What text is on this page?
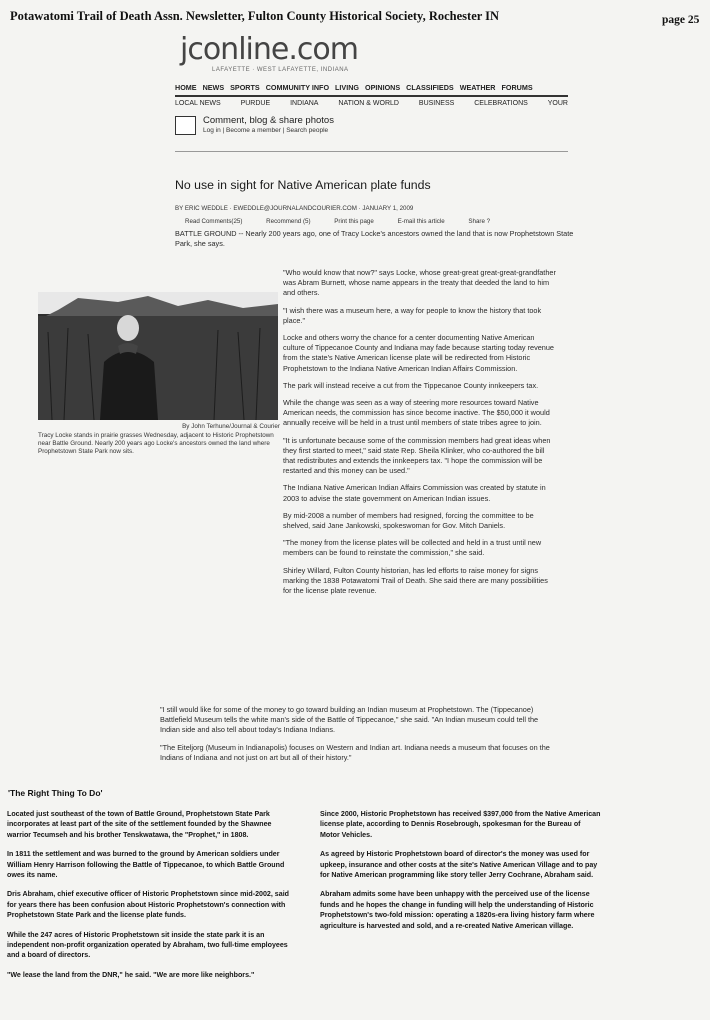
Potawatomi Trail of Death Assn. Newsletter, Fulton County Historical Society, Rochester IN	page 25
jconline.com
LAFAYETTE · WEST LAFAYETTE, INDIANA
HOME NEWS SPORTS COMMUNITY INFO LIVING OPINIONS CLASSIFIEDS WEATHER FORUMS
LOCAL NEWS	PURDUE	INDIANA	NATION & WORLD	BUSINESS	CELEBRATIONS	YOUR
Comment, blog & share photos
Log in | Become a member | Search people
No use in sight for Native American plate funds
BY ERIC WEDDLE · EWEDDLE@JOURNALANDCOURIER.COM · JANUARY 1, 2009
Read Comments(25)	Recommend (5)	Print this page	E-mail this article	Share ?
BATTLE GROUND -- Nearly 200 years ago, one of Tracy Locke's ancestors owned the land that is now Prophetstown State Park, she says.
By John Terhune/Journal & Courier
Tracy Locke stands in prairie grasses Wednesday, adjacent to Historic Prophetstown near Battle Ground. Nearly 200 years ago Locke's ancestors owned the land where Prophetstown State Park now sits.

"Who would know that now?" says Locke, whose great-great great-great-grandfather was Abram Burnett, whose name appears in the treaty that deeded the land to him and others.

"I wish there was a museum here, a way for people to know the history that took place."

Locke and others worry the chance for a center documenting Native American culture of Tippecanoe County and Indiana may fade because starting today revenue from the state's Native American license plate will be redirected from Historic Prophetstown to the Indiana Native American Indian Affairs Commission.

The park will instead receive a cut from the Tippecanoe County innkeepers tax.

While the change was seen as a way of steering more resources toward Native American needs, the commission has since become inactive. The $50,000 it would annually receive will be held in a trust until members of state tribes agree to join.

"It is unfortunate because some of the commission members had great ideas when they first started to meet," said state Rep. Sheila Klinker, who co-authored the bill that redistributes and extends the innkeepers tax. "I hope the commission will be restarted and this money can be used."

The Indiana Native American Indian Affairs Commission was created by statute in 2003 to advise the state government on American Indian issues.

By mid-2008 a number of members had resigned, forcing the committee to be shelved, said Jane Jankowski, spokeswoman for Gov. Mitch Daniels.

"The money from the license plates will be collected and held in a trust until new members can be found to reinstate the commission," she said.

Shirley Willard, Fulton County historian, has led efforts to raise money for signs marking the 1838 Potawatomi Trail of Death. She said there are many possibilities for the license plate revenue.

"I still would like for some of the money to go toward building an Indian museum at Prophetstown. The (Tippecanoe) Battlefield Museum tells the white man's side of the Battle of Tippecanoe," she said. "An Indian museum could tell the Indian side and also tell about today's Indiana Indians.

"The Eiteljorg (Museum in Indianapolis) focuses on Western and Indian art. Indiana needs a museum that focuses on the Indians of Indiana and not just on art but all of their history."

'The Right Thing To Do'

Located just southeast of the town of Battle Ground, Prophetstown State Park incorporates at least part of the site of the settlement founded by the Shawnee warrior Tecumseh and his brother Tenskwatawa, the "Prophet," in 1808.

In 1811 the settlement and was burned to the ground by American soldiers under William Henry Harrison following the Battle of Tippecanoe, to which Battle Ground owes its name.

Dris Abraham, chief executive officer of Historic Prophetstown since mid-2002, said for years there has been confusion about Historic Prophetstown's connection with Prophetstown State Park and the license plate funds.

While the 247 acres of Historic Prophetstown sit inside the state park it is an independent non-profit organization operated by Abraham, two full-time employees and a board of directors.

"We lease the land from the DNR," he said. "We are more like neighbors."

Since 2000, Historic Prophetstown has received $397,000 from the Native American license plate, according to Dennis Rosebrough, spokesman for the Bureau of Motor Vehicles.

As agreed by Historic Prophetstown board of director's the money was used for upkeep, insurance and other costs at the site's Native American Village and to pay for Native American programming like story teller Jerry Cochrane, Abraham said.

Abraham admits some have been unhappy with the perceived use of the license funds and he hopes the change in funding will help the understanding of Historic Prophetstown's two-fold mission: operating a 1820s-era living history farm where agriculture is harvested and sold, and a re-created Native American village.
